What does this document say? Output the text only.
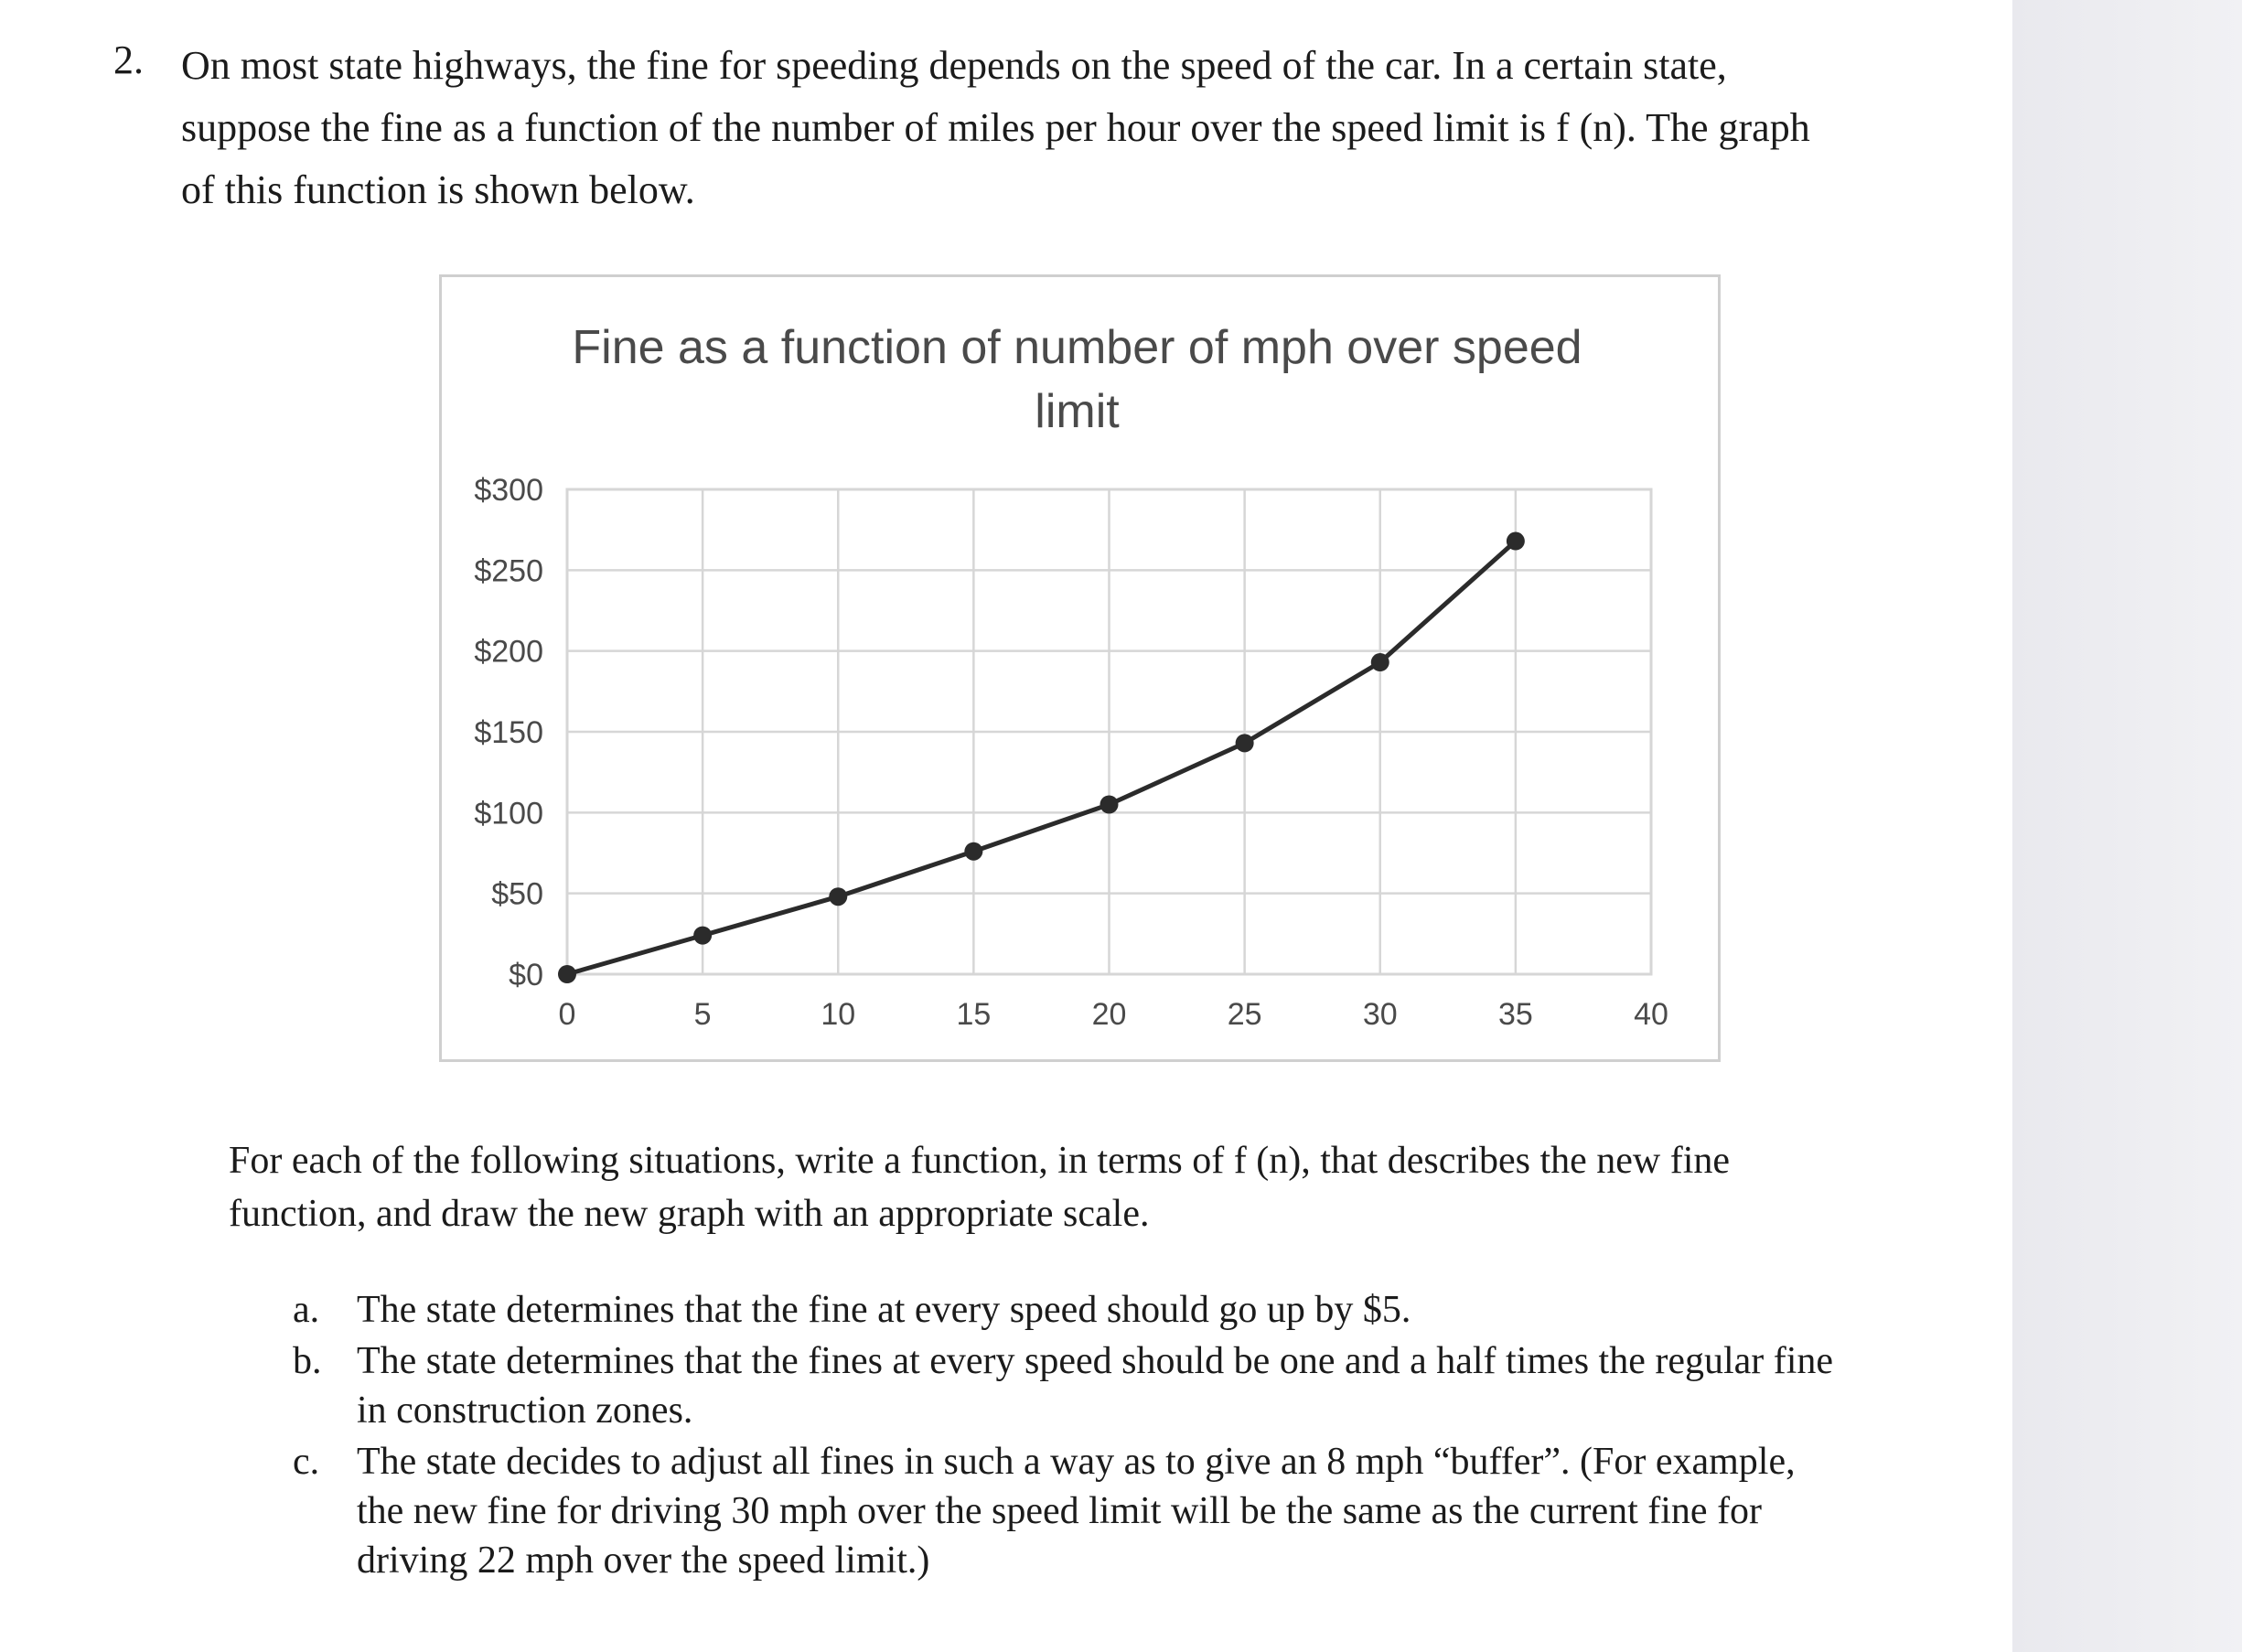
2. On most state highways, the fine for speeding depends on the speed of the car. In a certain state,
suppose the fine as a function of the number of miles per hour over the speed limit is f (n). The graph
of this function is shown below.
Fine as a function of number of mph over speed
limit
$0
$50
$100
$150
$200
$250
$300
0	5	10	15	20	25	30	35	40
For each of the following situations, write a function, in terms of f (n), that describes the new fine
function, and draw the new graph with an appropriate scale.
a. The state determines that the fine at every speed should go up by $5.
b. The state determines that the fines at every speed should be one and a half times the regular fine
in construction zones.
c. The state decides to adjust all fines in such a way as to give an 8 mph “buffer”. (For example,
the new fine for driving 30 mph over the speed limit will be the same as the current fine for
driving 22 mph over the speed limit.)
